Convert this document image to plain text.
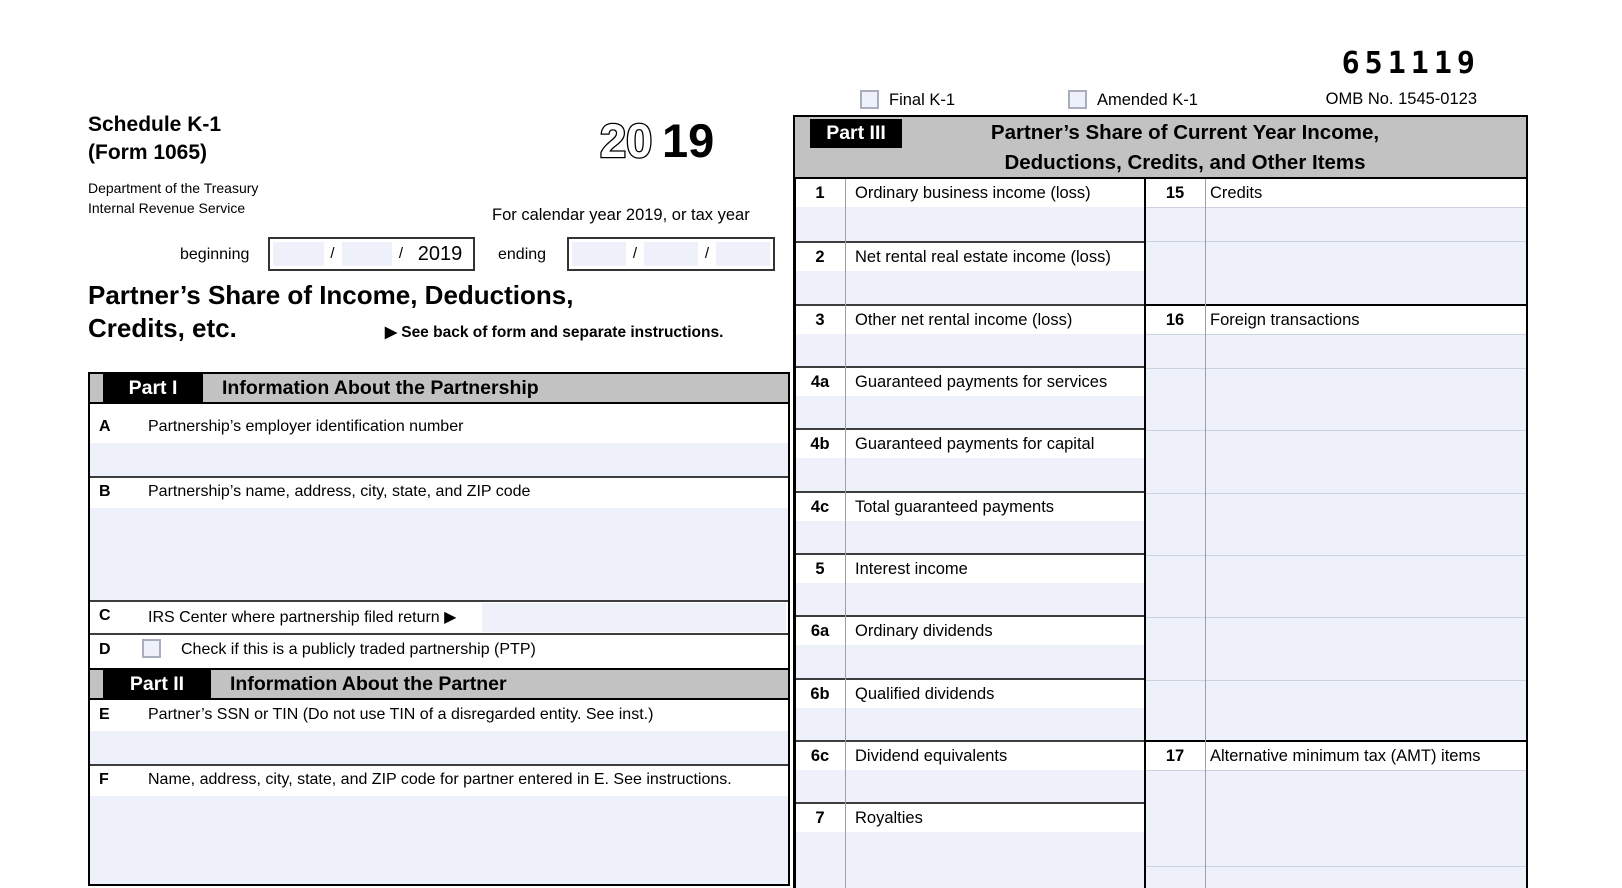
651119
OMB No. 1545-0123
Final K-1	Amended K-1
Schedule K-1
(Form 1065)
Department of the Treasury
Internal Revenue Service
20 19
For calendar year 2019, or tax year
beginning	/	/ 2019	ending	/	/
Partner’s Share of Income, Deductions,
Credits, etc.	▶ See back of form and separate instructions.
Part I	Information About the Partnership
A Partnership’s employer identification number
B Partnership’s name, address, city, state, and ZIP code
C IRS Center where partnership filed return ▶
D	Check if this is a publicly traded partnership (PTP)
Part II	Information About the Partner
E Partner’s SSN or TIN (Do not use TIN of a disregarded entity. See inst.)
F Name, address, city, state, and ZIP code for partner entered in E. See instructions.
Part III	Partner’s Share of Current Year Income,
Deductions, Credits, and Other Items
1	Ordinary business income (loss)
2	Net rental real estate income (loss)
3	Other net rental income (loss)
4a	Guaranteed payments for services
4b	Guaranteed payments for capital
4c	Total guaranteed payments
5	Interest income
6a	Ordinary dividends
6b	Qualified dividends
6c	Dividend equivalents
7	Royalties
15	Credits
16	Foreign transactions
17	Alternative minimum tax (AMT) items
